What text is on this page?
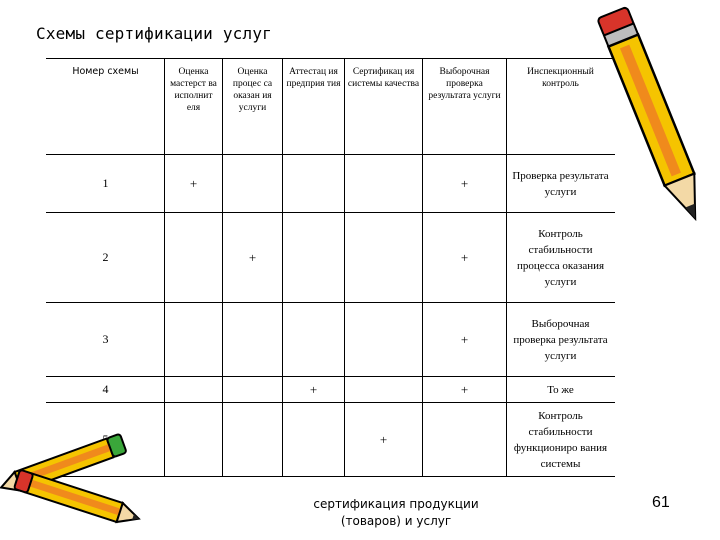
Схемы сертификации услуг
Номер схемы	Оценка мастерст ва исполнит еля	Оценка процес са оказан ия услуги	Аттестац ия предприя тия	Сертификац ия системы качества	Выборочная проверка результата услуги	Инспекционный контроль
1	+				+	Проверка результата услуги
2		+			+	Контроль стабильности процесса оказания услуги
3					+	Выборочная проверка результата услуги
4			+		+	То же
				+		Контроль стабильности функциониро вания системы
сертификация продукции (товаров) и услуг
61
